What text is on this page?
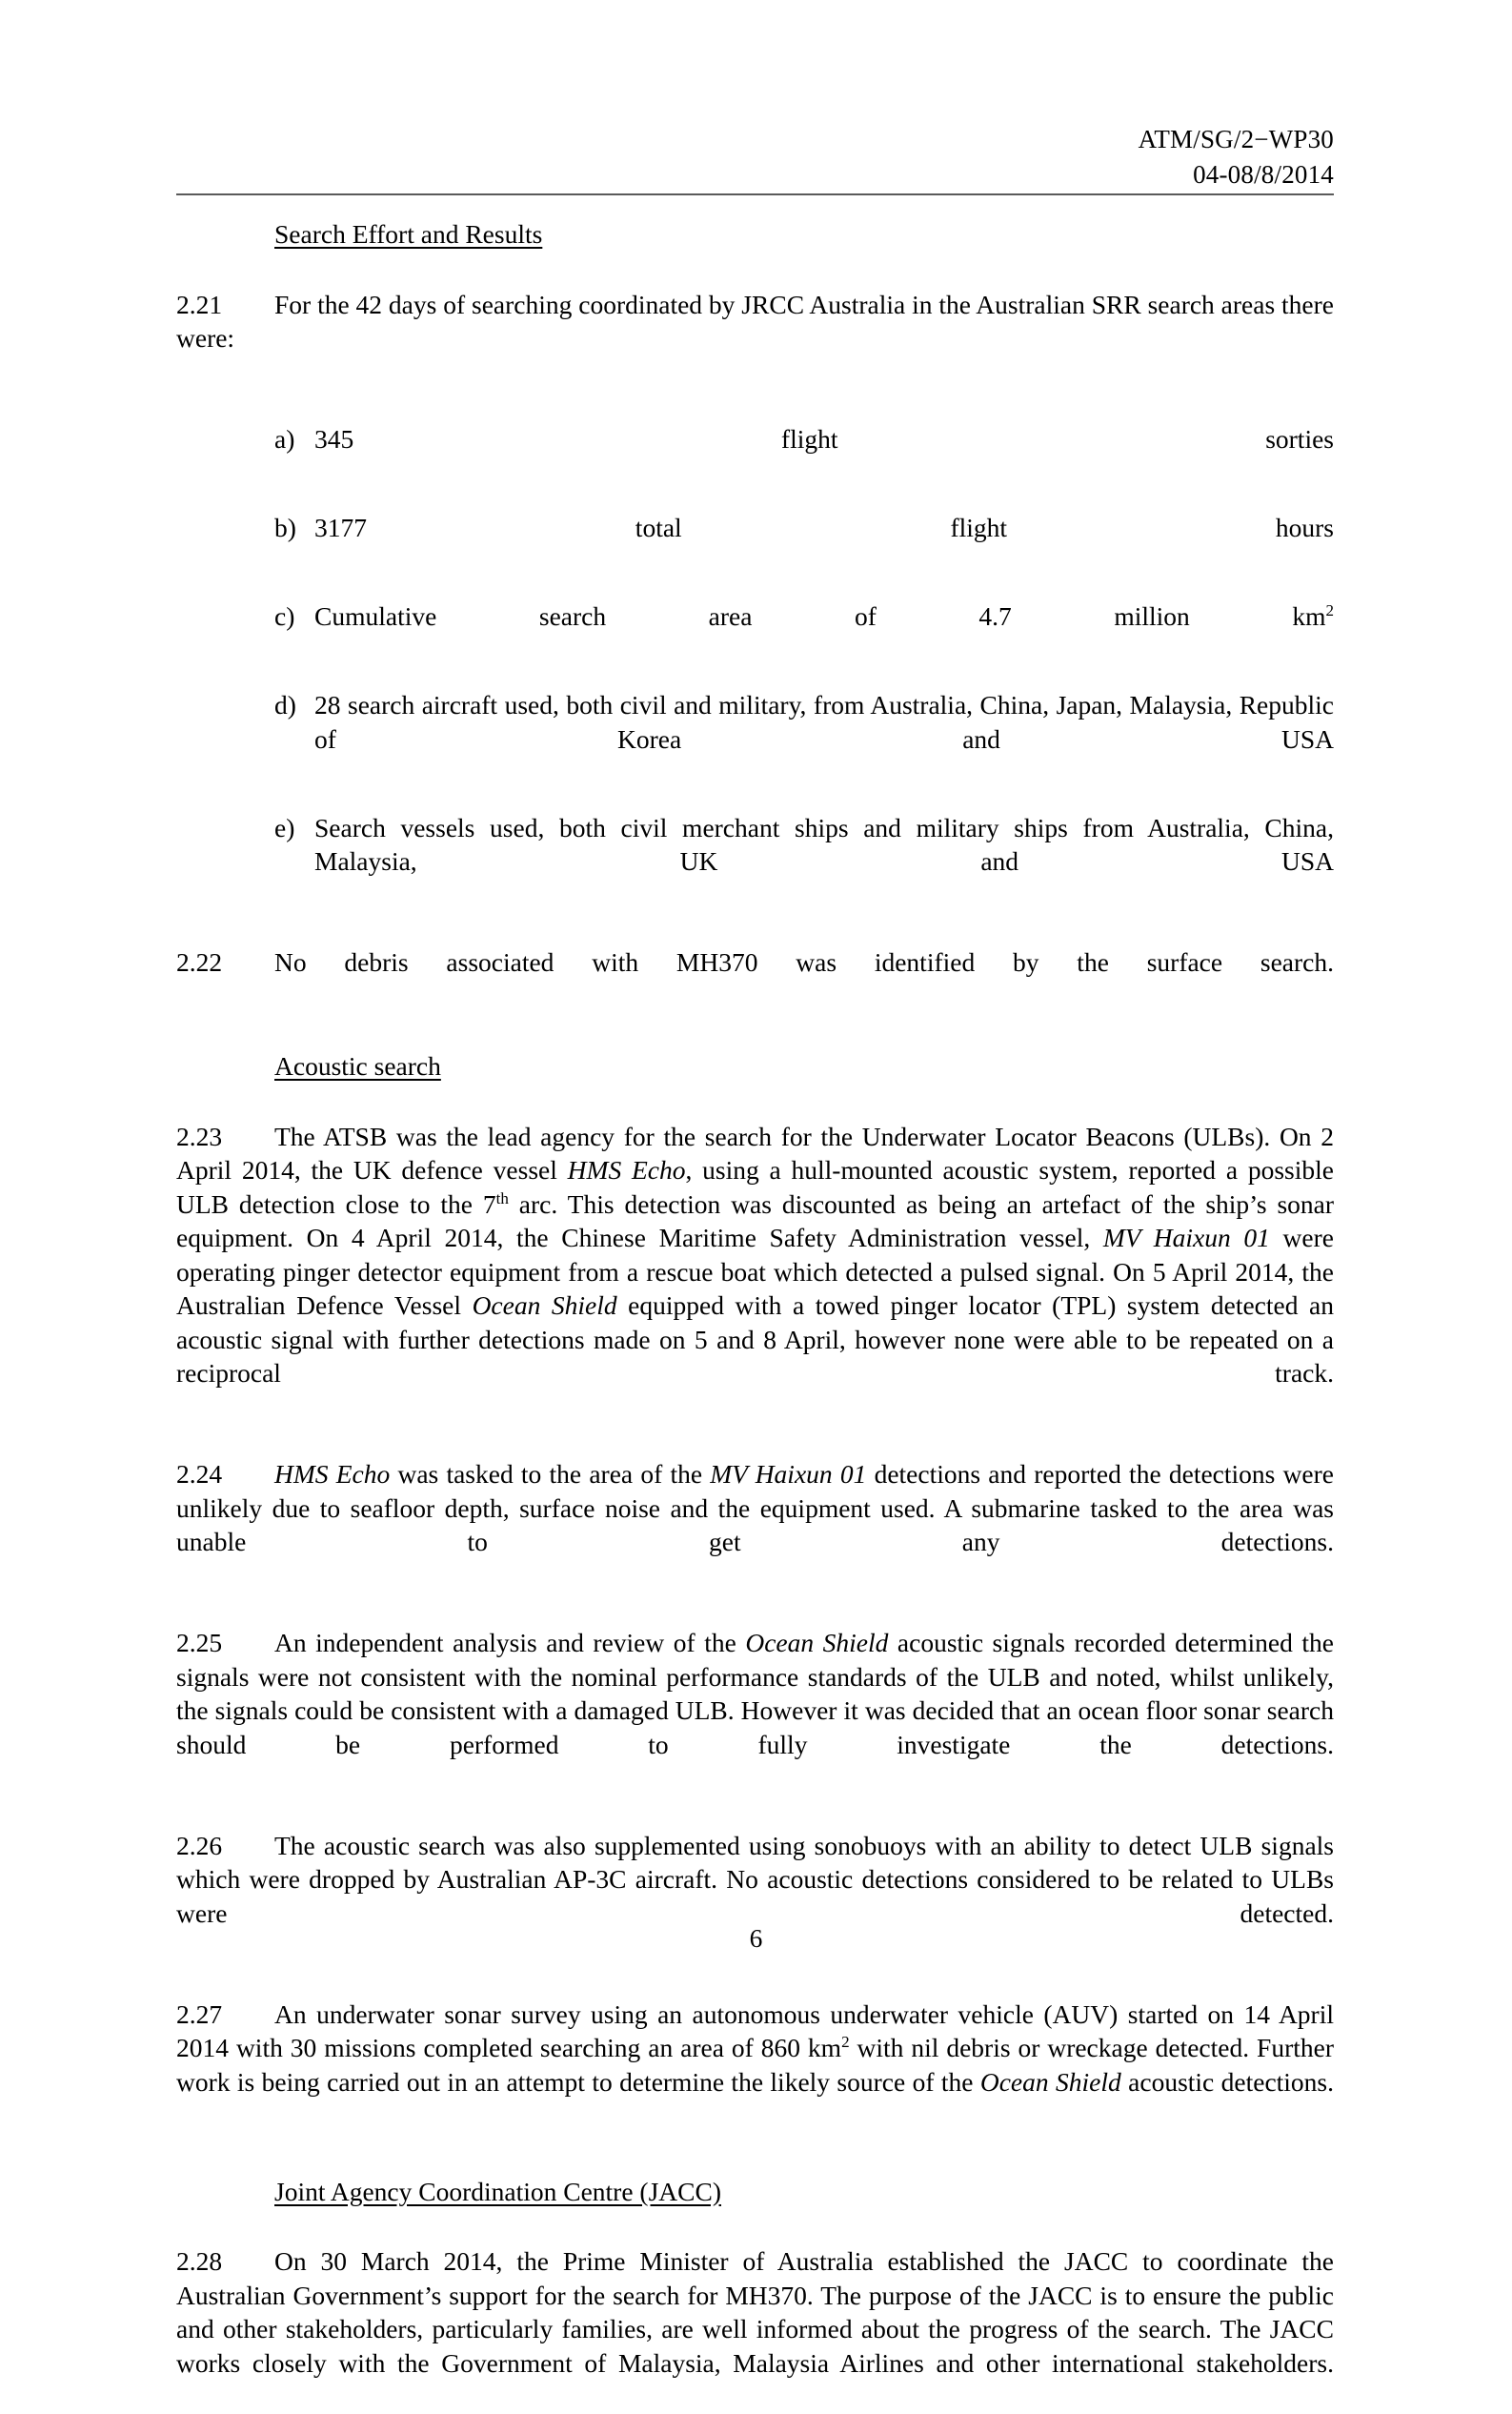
ATM/SG/2−WP30
04-08/8/2014

Search Effort and Results

2.21	For the 42 days of searching coordinated by JRCC Australia in the Australian SRR search areas there were:

a) 345 flight sorties
b) 3177 total flight hours
c) Cumulative search area of 4.7 million $km^2$
d) 28 search aircraft used, both civil and military, from Australia, China, Japan, Malaysia, Republic of Korea and USA
e) Search vessels used, both civil merchant ships and military ships from Australia, China, Malaysia, UK and USA

2.22	No debris associated with MH370 was identified by the surface search.

Acoustic search

2.23	The ATSB was the lead agency for the search for the Underwater Locator Beacons (ULBs). On 2 April 2014, the UK defence vessel HMS Echo, using a hull-mounted acoustic system, reported a possible ULB detection close to the 7th arc. This detection was discounted as being an artefact of the ship’s sonar equipment. On 4 April 2014, the Chinese Maritime Safety Administration vessel, MV Haixun 01 were operating pinger detector equipment from a rescue boat which detected a pulsed signal. On 5 April 2014, the Australian Defence Vessel Ocean Shield equipped with a towed pinger locator (TPL) system detected an acoustic signal with further detections made on 5 and 8 April, however none were able to be repeated on a reciprocal track.

2.24	HMS Echo was tasked to the area of the MV Haixun 01 detections and reported the detections were unlikely due to seafloor depth, surface noise and the equipment used. A submarine tasked to the area was unable to get any detections.

2.25	An independent analysis and review of the Ocean Shield acoustic signals recorded determined the signals were not consistent with the nominal performance standards of the ULB and noted, whilst unlikely, the signals could be consistent with a damaged ULB. However it was decided that an ocean floor sonar search should be performed to fully investigate the detections.

2.26	The acoustic search was also supplemented using sonobuoys with an ability to detect ULB signals which were dropped by Australian AP-3C aircraft. No acoustic detections considered to be related to ULBs were detected.

2.27	An underwater sonar survey using an autonomous underwater vehicle (AUV) started on 14 April 2014 with 30 missions completed searching an area of 860 $km^2$ with nil debris or wreckage detected. Further work is being carried out in an attempt to determine the likely source of the Ocean Shield acoustic detections.

Joint Agency Coordination Centre (JACC)

2.28	On 30 March 2014, the Prime Minister of Australia established the JACC to coordinate the Australian Government’s support for the search for MH370. The purpose of the JACC is to ensure the public and other stakeholders, particularly families, are well informed about the progress of the search. The JACC works closely with the Government of Malaysia, Malaysia Airlines and other international stakeholders.

6
